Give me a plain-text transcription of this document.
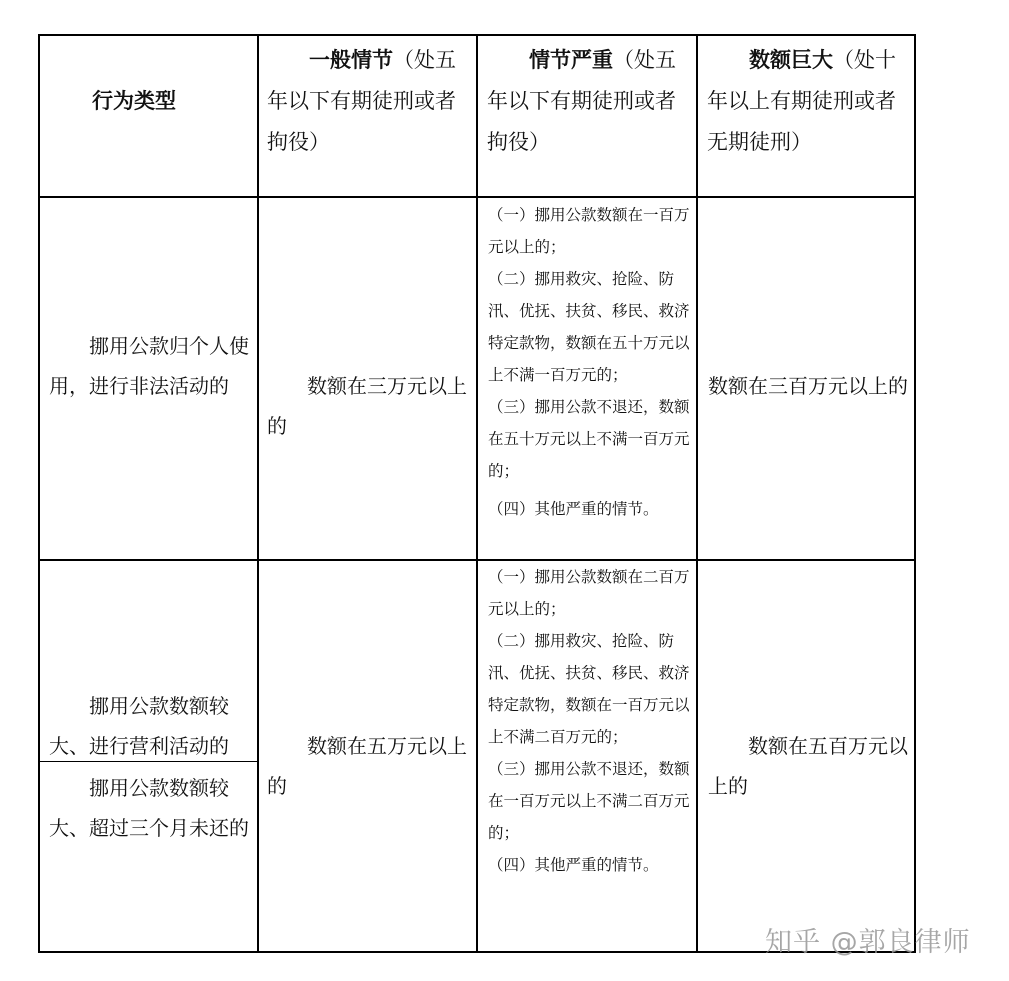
行为类型
一般情节（处五年以下有期徒刑或者拘役）
情节严重（处五年以下有期徒刑或者拘役）
数额巨大（处十年以上有期徒刑或者无期徒刑）
挪用公款归个人使用，进行非法活动的	数额在三万元以上的
（一）挪用公款数额在一百万元以上的；
（二）挪用救灾、抢险、防汛、优抚、扶贫、移民、救济特定款物，数额在五十万元以上不满一百万元的；
（三）挪用公款不退还，数额在五十万元以上不满一百万元的；
（四）其他严重的情节。
数额在三百万元以上的
挪用公款数额较大、进行营利活动的
挪用公款数额较大、超过三个月未还的
数额在五万元以上的
（一）挪用公款数额在二百万元以上的；
（二）挪用救灾、抢险、防汛、优抚、扶贫、移民、救济特定款物，数额在一百万元以上不满二百万元的；
（三）挪用公款不退还，数额在一百万元以上不满二百万元的；
（四）其他严重的情节。
数额在五百万元以上的
知乎 @郭良律师
